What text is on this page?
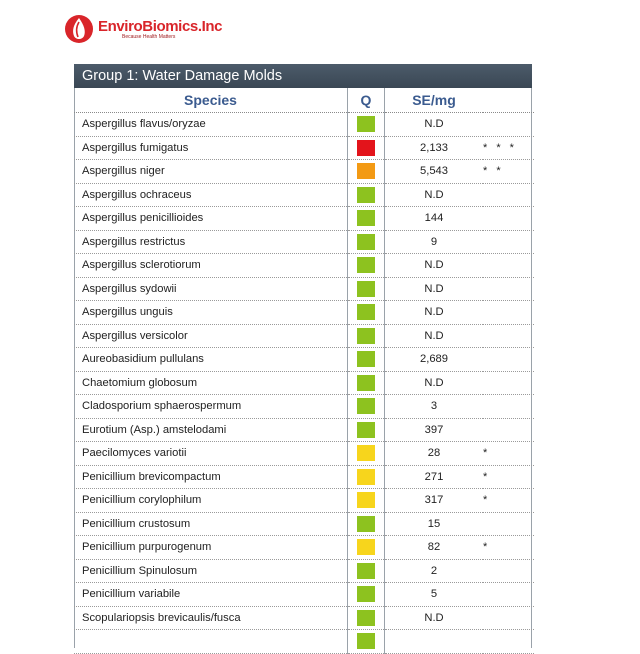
EnviroBiomics.Inc
Because Health Matters
Group 1: Water Damage Molds
Species	Q	SE/mg	
Aspergillus flavus/oryzae		N.D	
Aspergillus fumigatus		2,133	* * *
Aspergillus niger		5,543	* *
Aspergillus ochraceus		N.D	
Aspergillus penicillioides		144	
Aspergillus restrictus		9	
Aspergillus sclerotiorum		N.D	
Aspergillus sydowii		N.D	
Aspergillus unguis		N.D	
Aspergillus versicolor		N.D	
Aureobasidium pullulans		2,689	
Chaetomium globosum		N.D	
Cladosporium sphaerospermum		3	
Eurotium (Asp.) amstelodami		397	
Paecilomyces variotii		28	*
Penicillium brevicompactum		271	*
Penicillium corylophilum		317	*
Penicillium crustosum		15	
Penicillium purpurogenum		82	*
Penicillium Spinulosum		2	
Penicillium variabile		5	
Scopulariopsis brevicaulis/fusca		N.D	
